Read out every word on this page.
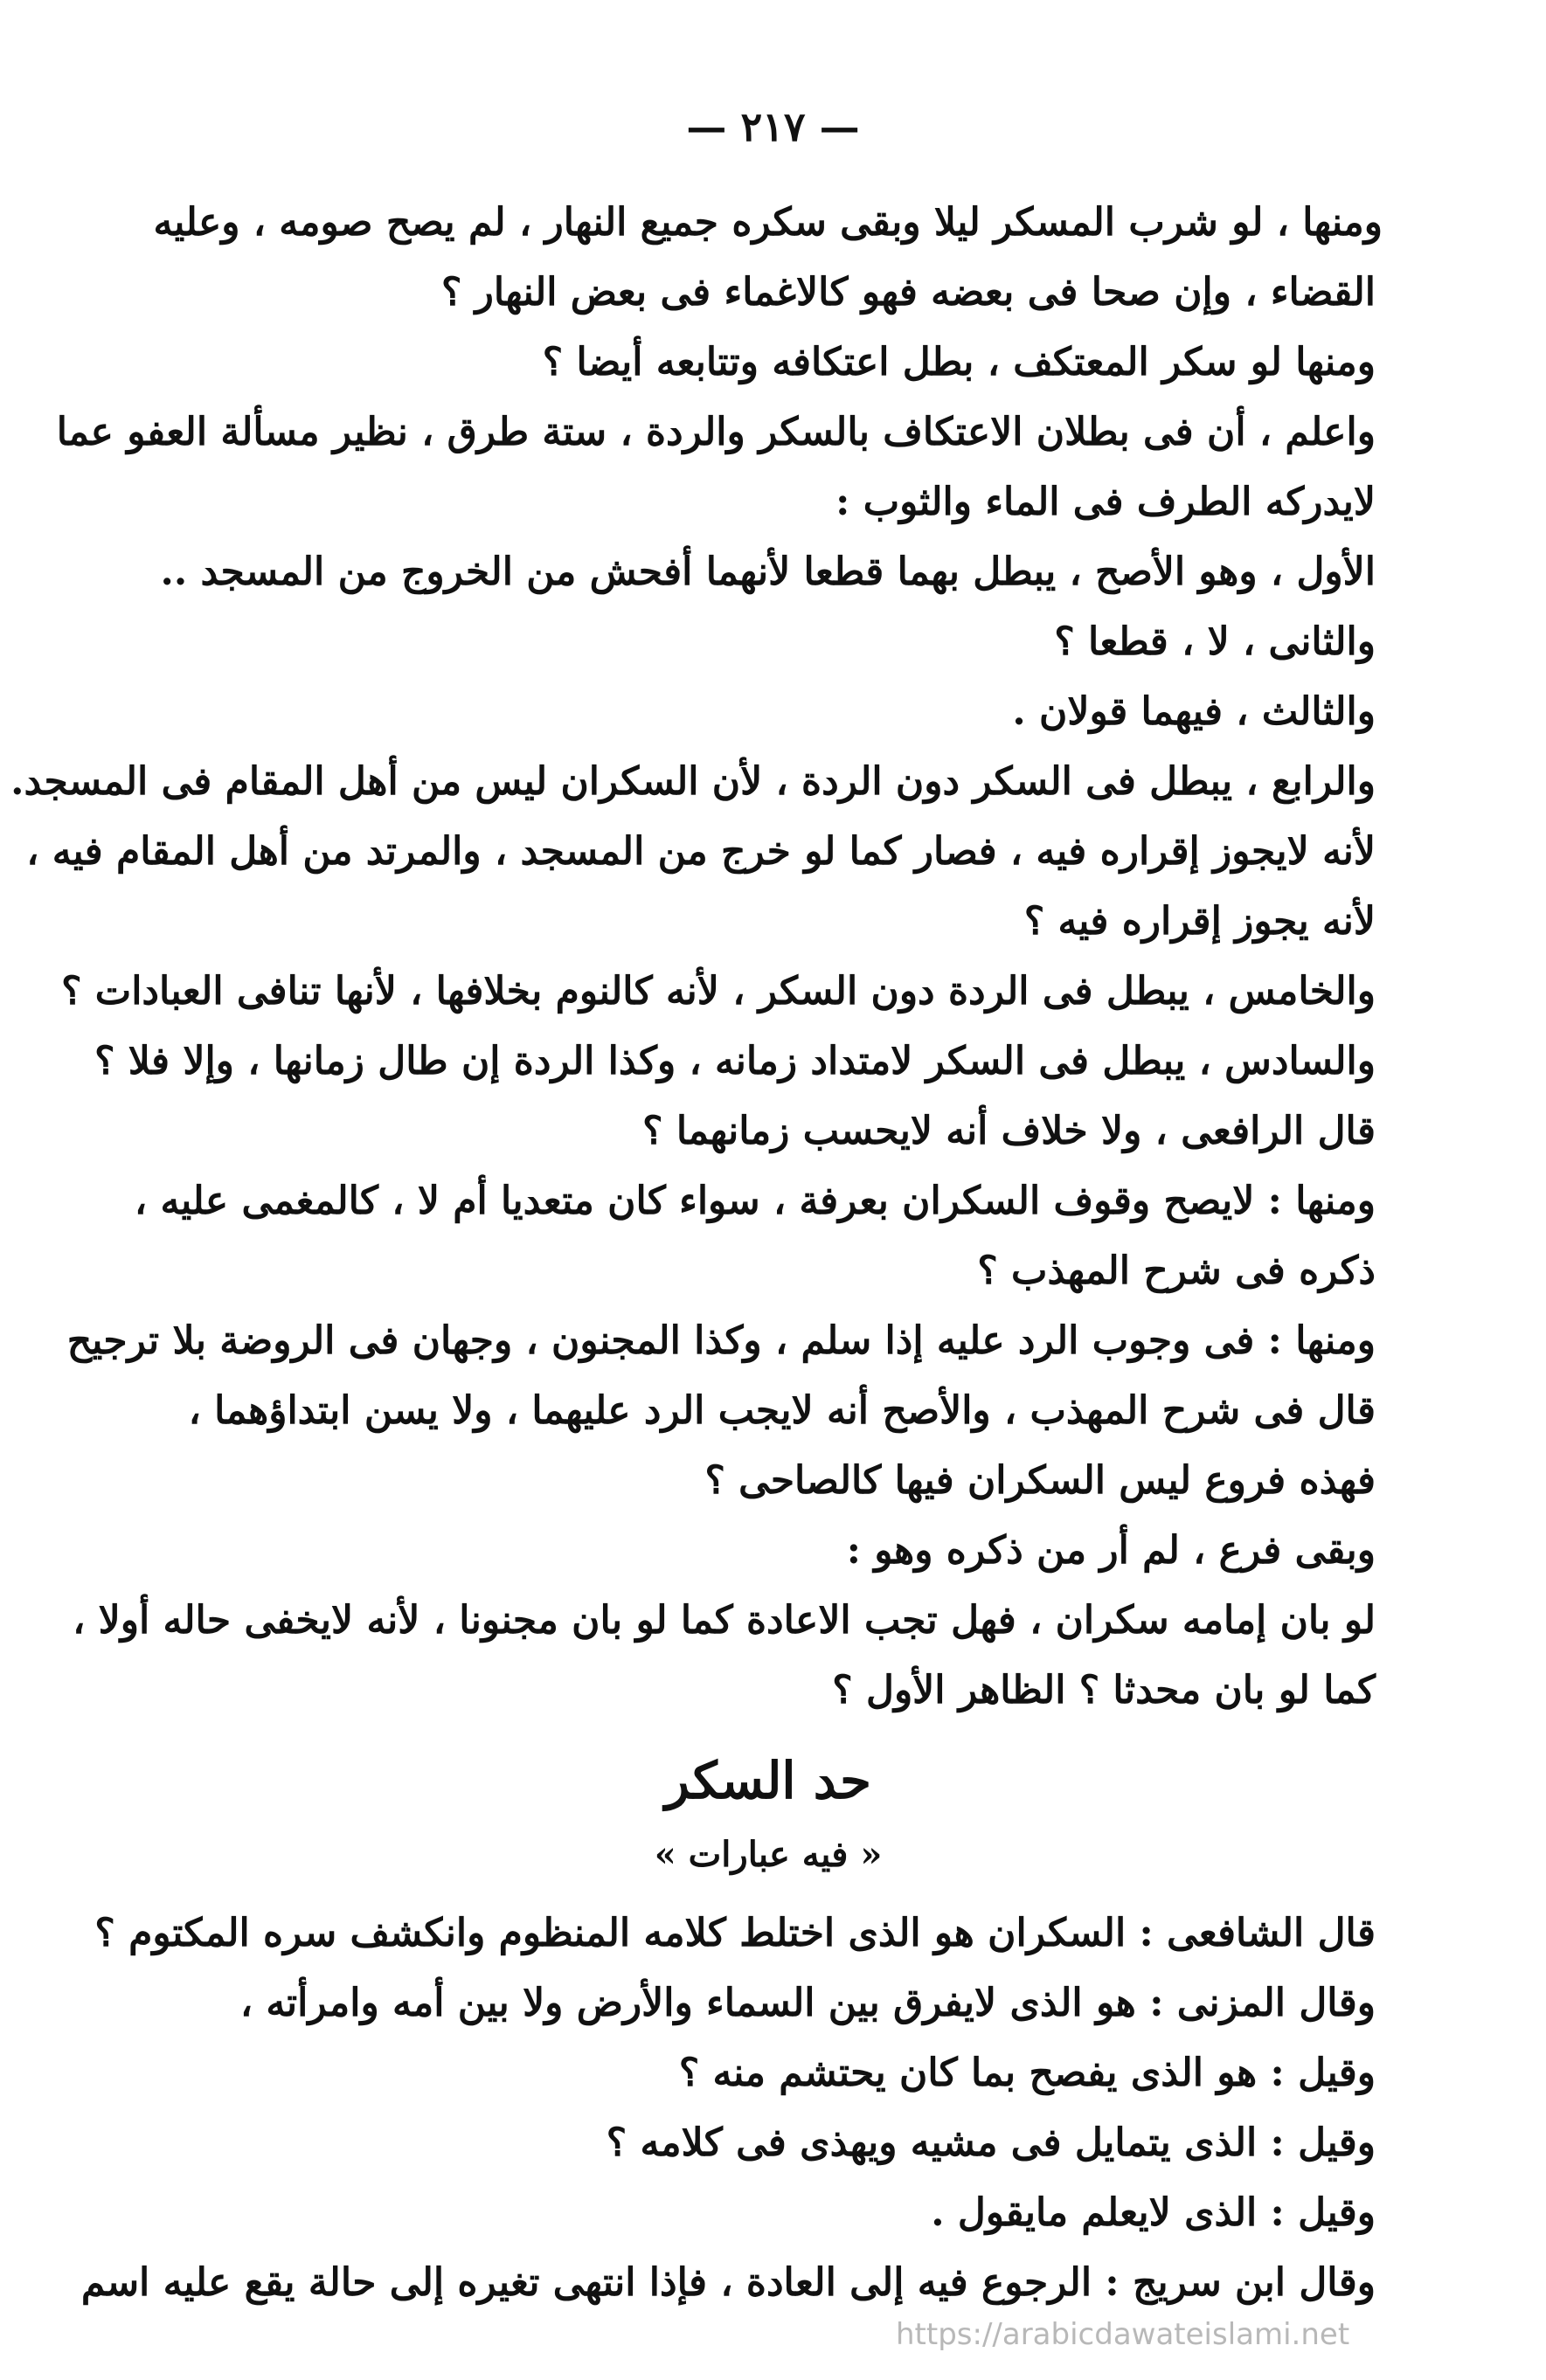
— ٢١٧ —
ومنها ، لو شرب المسكر ليلا وبقى سكره جميع النهار ، لم يصح صومه ، وعليه
القضاء ، وإن صحا فى بعضه فهو كالاغماء فى بعض النهار ؟
ومنها لو سكر المعتكف ، بطل اعتكافه وتتابعه أيضا ؟
واعلم ، أن فى بطلان الاعتكاف بالسكر والردة ، ستة طرق ، نظير مسألة العفو عما
لايدركه الطرف فى الماء والثوب :
الأول ، وهو الأصح ، يبطل بهما قطعا لأنهما أفحش من الخروج من المسجد ..
والثانى ، لا ، قطعا ؟
والثالث ، فيهما قولان .
والرابع ، يبطل فى السكر دون الردة ، لأن السكران ليس من أهل المقام فى المسجد.
لأنه لايجوز إقراره فيه ، فصار كما لو خرج من المسجد ، والمرتد من أهل المقام فيه ،
لأنه يجوز إقراره فيه ؟
والخامس ، يبطل فى الردة دون السكر ، لأنه كالنوم بخلافها ، لأنها تنافى العبادات ؟
والسادس ، يبطل فى السكر لامتداد زمانه ، وكذا الردة إن طال زمانها ، وإلا فلا ؟
قال الرافعى ، ولا خلاف أنه لايحسب زمانهما ؟
ومنها : لايصح وقوف السكران بعرفة ، سواء كان متعديا أم لا ، كالمغمى عليه ،
ذكره فى شرح المهذب ؟
ومنها : فى وجوب الرد عليه إذا سلم ، وكذا المجنون ، وجهان فى الروضة بلا ترجيح
قال فى شرح المهذب ، والأصح أنه لايجب الرد عليهما ، ولا يسن ابتداؤهما ،
فهذه فروع ليس السكران فيها كالصاحى ؟
وبقى فرع ، لم أر من ذكره وهو :
لو بان إمامه سكران ، فهل تجب الاعادة كما لو بان مجنونا ، لأنه لايخفى حاله أولا ،
كما لو بان محدثا ؟ الظاهر الأول ؟
حد السكر
« فيه عبارات »
قال الشافعى : السكران هو الذى اختلط كلامه المنظوم وانكشف سره المكتوم ؟
وقال المزنى : هو الذى لايفرق بين السماء والأرض ولا بين أمه وامرأته ،
وقيل : هو الذى يفصح بما كان يحتشم منه ؟
وقيل : الذى يتمايل فى مشيه ويهذى فى كلامه ؟
وقيل : الذى لايعلم مايقول .
وقال ابن سريج : الرجوع فيه إلى العادة ، فإذا انتهى تغيره إلى حالة يقع عليه اسم
https://arabicdawateislami.net
